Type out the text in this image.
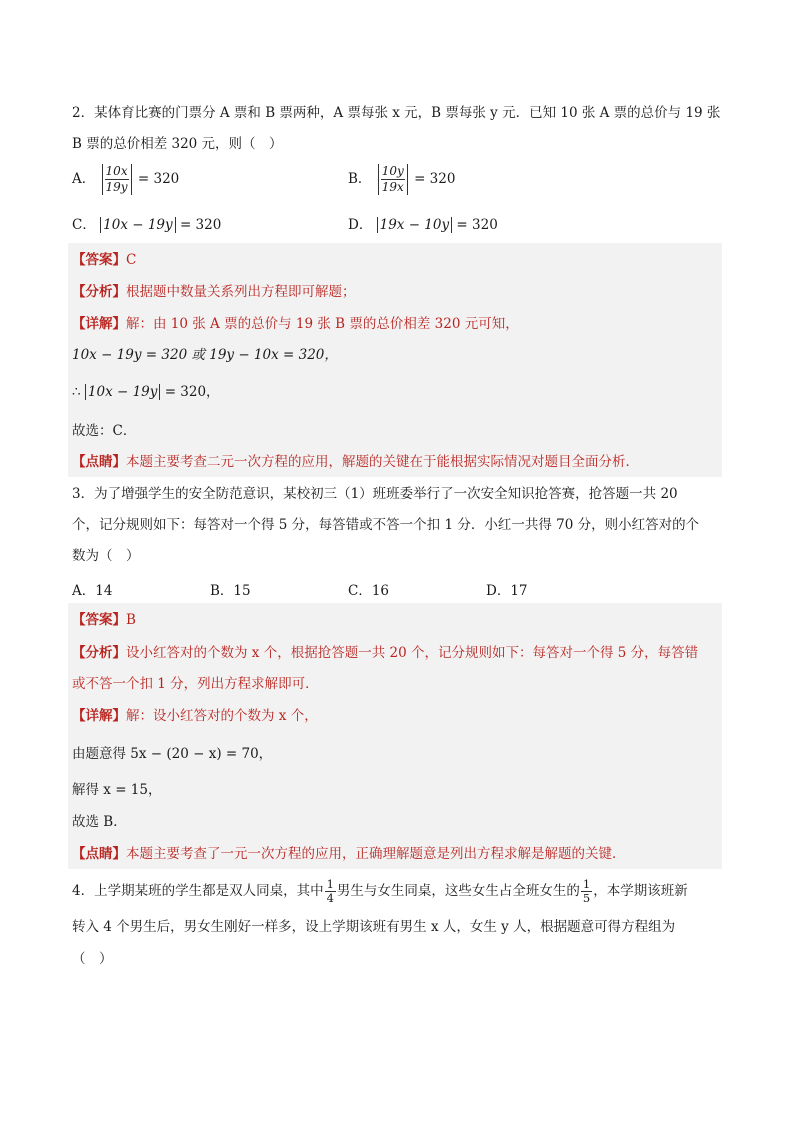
2．某体育比赛的门票分 A 票和 B 票两种，A 票每张 x 元，B 票每张 y 元．已知 10 张 A 票的总价与 19 张
B 票的总价相差 320 元，则（　）
A． $\frac{10x}{19y} = 320$	B． $\frac{10y}{19x} = 320$
C． 10x − 19y = 320	D． 19x − 10y = 320
【答案】C
【分析】根据题中数量关系列出方程即可解题；
【详解】解：由 10 张 A 票的总价与 19 张 B 票的总价相差 320 元可知，
10x − 19y = 320 或 19y − 10x = 320，
∴ 10x − 19y = 320，
故选：C．
【点睛】本题主要考查二元一次方程的应用，解题的关键在于能根据实际情况对题目全面分析．
3．为了增强学生的安全防范意识，某校初三（1）班班委举行了一次安全知识抢答赛，抢答题一共 20
个，记分规则如下：每答对一个得 5 分，每答错或不答一个扣 1 分．小红一共得 70 分，则小红答对的个
数为（　）
A．14	B．15	C．16	D．17
【答案】B
【分析】设小红答对的个数为 x 个，根据抢答题一共 20 个，记分规则如下：每答对一个得 5 分，每答错
或不答一个扣 1 分，列出方程求解即可．
【详解】解：设小红答对的个数为 x 个，
由题意得 5x − (20 − x) = 70，
解得 x = 15，
故选 B．
【点睛】本题主要考查了一元一次方程的应用，正确理解题意是列出方程求解是解题的关键．
4．上学期某班的学生都是双人同桌，其中 $\frac{1}{4}$ 男生与女生同桌，这些女生占全班女生的 $\frac{1}{5}$ ，本学期该班新
转入 4 个男生后，男女生刚好一样多，设上学期该班有男生 x 人，女生 y 人，根据题意可得方程组为
（　）
